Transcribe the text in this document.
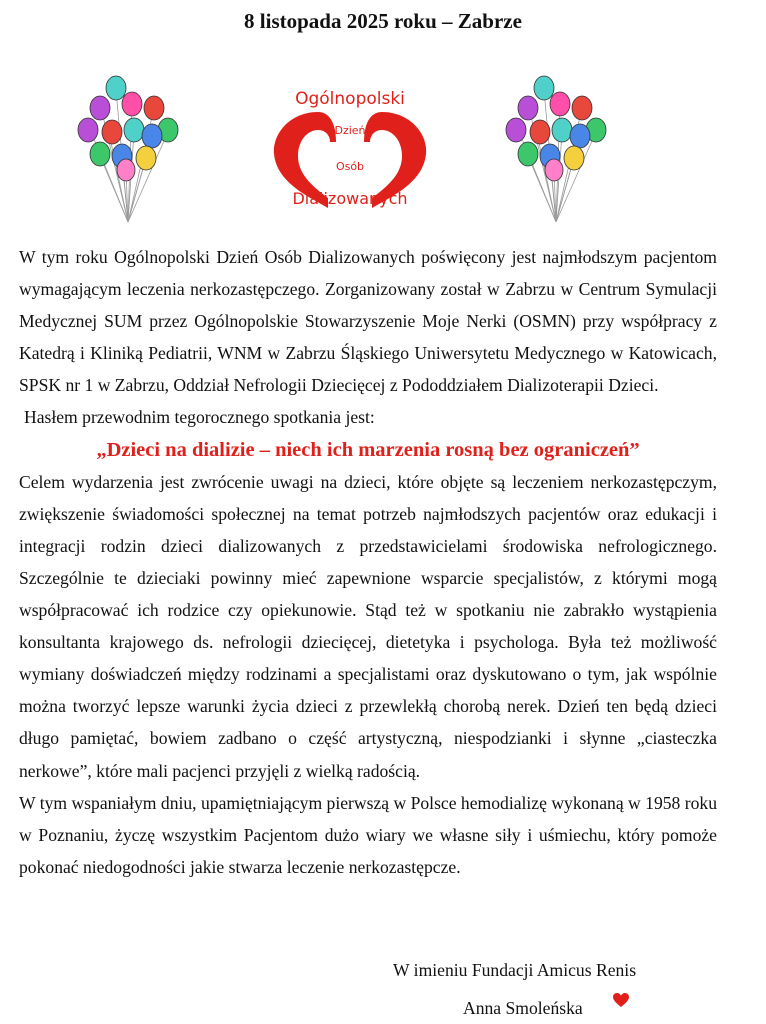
8 listopada 2025 roku – Zabrze
Ogólnopolski
Dzień
Osób
Dializowanych

W tym roku Ogólnopolski Dzień Osób Dializowanych poświęcony jest najmłodszym pacjentom wymagającym leczenia nerkozastępczego. Zorganizowany został w Zabrzu w Centrum Symulacji Medycznej SUM przez Ogólnopolskie Stowarzyszenie Moje Nerki (OSMN) przy współpracy z Katedrą i Kliniką Pediatrii, WNM w Zabrzu Śląskiego Uniwersytetu Medycznego w Katowicach, SPSK nr 1 w Zabrzu, Oddział Nefrologii Dziecięcej z Pododdziałem Dializoterapii Dzieci.

Hasłem przewodnim tegorocznego spotkania jest:

„Dzieci na dializie – niech ich marzenia rosną bez ograniczeń”

Celem wydarzenia jest zwrócenie uwagi na dzieci, które objęte są leczeniem nerkozastępczym, zwiększenie świadomości społecznej na temat potrzeb najmłodszych pacjentów oraz edukacji i integracji rodzin dzieci dializowanych z przedstawicielami środowiska nefrologicznego. Szczególnie te dzieciaki powinny mieć zapewnione wsparcie specjalistów, z którymi mogą współpracować ich rodzice czy opiekunowie. Stąd też w spotkaniu nie zabrakło wystąpienia konsultanta krajowego ds. nefrologii dziecięcej, dietetyka i psychologa. Była też możliwość wymiany doświadczeń między rodzinami a specjalistami oraz dyskutowano o tym, jak wspólnie można tworzyć lepsze warunki życia dzieci z przewlekłą chorobą nerek. Dzień ten będą dzieci długo pamiętać, bowiem zadbano o część artystyczną, niespodzianki i słynne „ciasteczka nerkowe”, które mali pacjenci przyjęli z wielką radością.

W tym wspaniałym dniu, upamiętniającym pierwszą w Polsce hemodializę wykonaną w 1958 roku w Poznaniu, życzę wszystkim Pacjentom dużo wiary we własne siły i uśmiechu, który pomoże pokonać niedogodności jakie stwarza leczenie nerkozastępcze.

W imieniu Fundacji Amicus Renis
Anna Smoleńska
